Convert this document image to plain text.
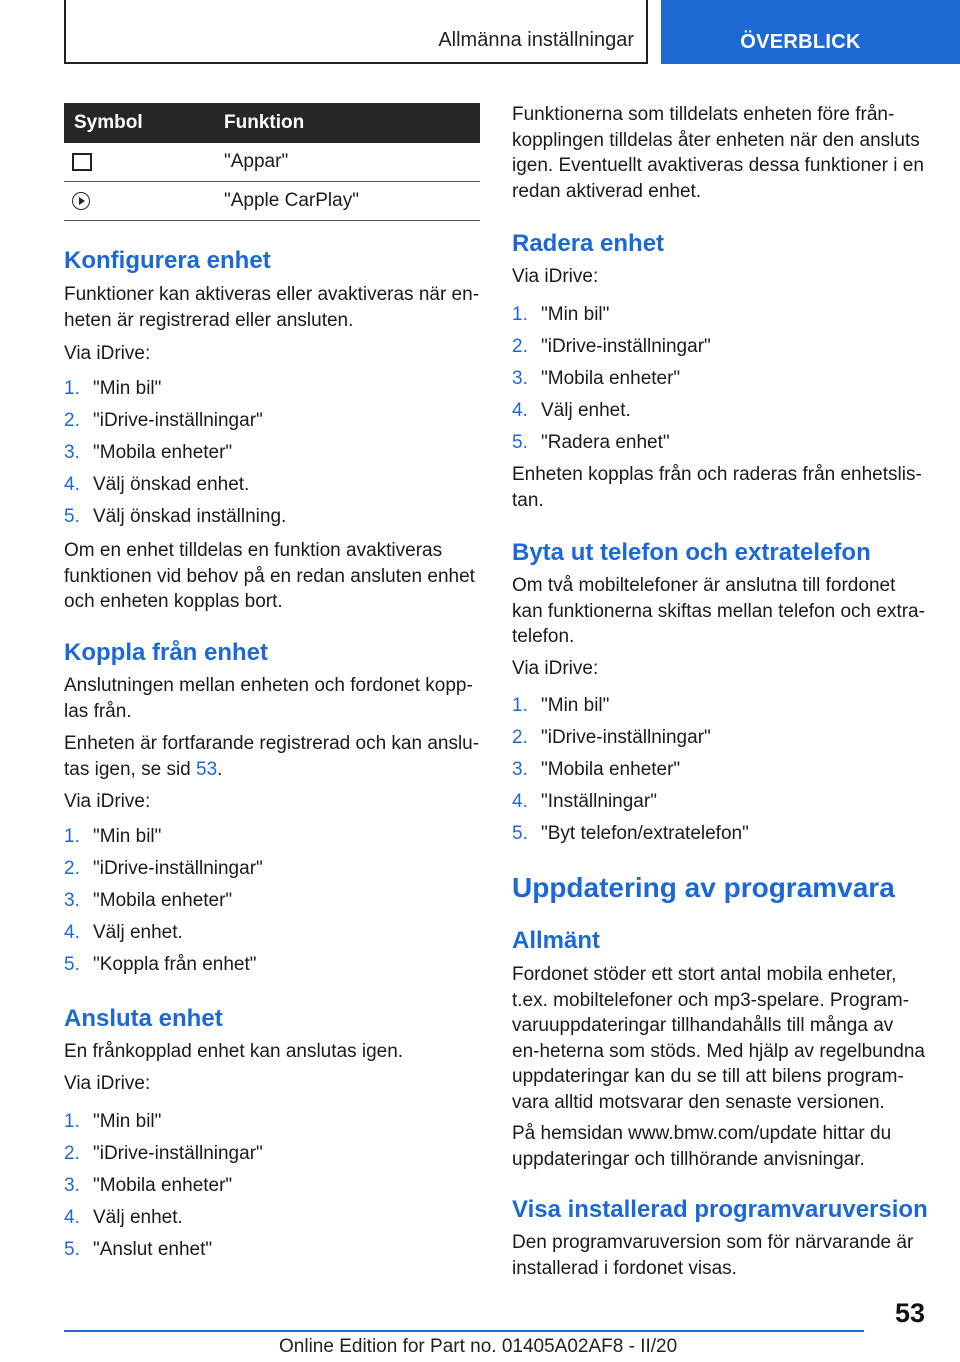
Allmänna inställningar	ÖVERBLICK
Symbol	Funktion
	"Appar"
	"Apple CarPlay"
Konfigurera enhet

Funktioner kan aktiveras eller avaktiveras när en-heten är registrerad eller ansluten.

Via iDrive:

1. "Min bil"
2. "iDrive-inställningar"
3. "Mobila enheter"
4. Välj önskad enhet.
5. Välj önskad inställning.

Om en enhet tilldelas en funktion avaktiveras funktionen vid behov på en redan ansluten enhet och enheten kopplas bort.

Koppla från enhet

Anslutningen mellan enheten och fordonet kopp-las från.

Enheten är fortfarande registrerad och kan anslu-tas igen, se sid 53.

Via iDrive:

1. "Min bil"
2. "iDrive-inställningar"
3. "Mobila enheter"
4. Välj enhet.
5. "Koppla från enhet"
Ansluta enhet

En frånkopplad enhet kan anslutas igen.

Via iDrive:

1. "Min bil"
2. "iDrive-inställningar"
3. "Mobila enheter"
4. Välj enhet.
5. "Anslut enhet"

Funktionerna som tilldelats enheten före från-kopplingen tilldelas åter enheten när den ansluts igen. Eventuellt avaktiveras dessa funktioner i en redan aktiverad enhet.

Radera enhet

Via iDrive:

1. "Min bil"
2. "iDrive-inställningar"
3. "Mobila enheter"
4. Välj enhet.
5. "Radera enhet"

Enheten kopplas från och raderas från enhetslis-tan.

Byta ut telefon och extratelefon

Om två mobiltelefoner är anslutna till fordonet kan funktionerna skiftas mellan telefon och extra-telefon.

Via iDrive:

1. "Min bil"
2. "iDrive-inställningar"
3. "Mobila enheter"
4. "Inställningar"
5. "Byt telefon/extratelefon"
Uppdatering av programvara
Allmänt

Fordonet stöder ett stort antal mobila enheter, t.ex. mobiltelefoner och mp3‑spelare. Program-varuuppdateringar tillhandahålls till många av en-heterna som stöds. Med hjälp av regelbundna uppdateringar kan du se till att bilens program-vara alltid motsvarar den senaste versionen.

På hemsidan www.bmw.com/update hittar du uppdateringar och tillhörande anvisningar.

Visa installerad programvaruversion

Den programvaruversion som för närvarande är installerad i fordonet visas.

53
Online Edition for Part no. 01405A02AF8 - II/20
